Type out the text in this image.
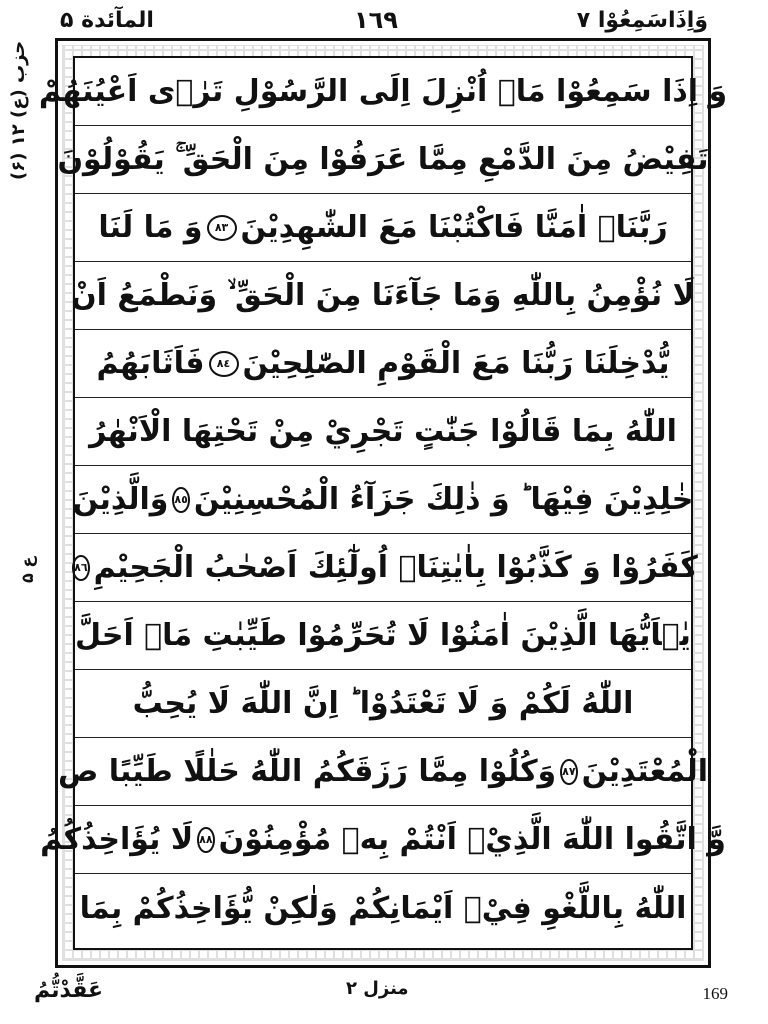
المآئدة ۵	١٦٩	وَاِذَاسَمِعُوْا ۷
(۶) حزب (ع) ۱۲
ع ۵
وَ اِذَا سَمِعُوْا مَاۤ اُنْزِلَ اِلَى الرَّسُوْلِ تَرٰۤى اَعْيُنَهُمْ
تَفِيْضُ مِنَ الدَّمْعِ مِمَّا عَرَفُوْا مِنَ الْحَقِّ ۚ يَقُوْلُوْنَ
رَبَّنَاۤ اٰمَنَّا فَاكْتُبْنَا مَعَ الشّٰهِدِيْنَ
٨٣
وَ مَا لَنَا
لَا نُؤْمِنُ بِاللّٰهِ وَمَا جَآءَنَا مِنَ الْحَقِّ ۙ وَنَطْمَعُ اَنْ
يُّدْخِلَنَا رَبُّنَا مَعَ الْقَوْمِ الصّٰلِحِيْنَ
٨٤
فَاَثَابَهُمُ
اللّٰهُ بِمَا قَالُوْا جَنّٰتٍ تَجْرِيْ مِنْ تَحْتِهَا الْاَنْهٰرُ
خٰلِدِيْنَ فِيْهَا ؕ وَ ذٰلِكَ جَزَآءُ الْمُحْسِنِيْنَ
٨٥
وَالَّذِيْنَ
كَفَرُوْا وَ كَذَّبُوْا بِاٰيٰتِنَاۤ اُولٰٓئِكَ اَصْحٰبُ الْجَحِيْمِ
٨٦
يٰۤاَيُّهَا الَّذِيْنَ اٰمَنُوْا لَا تُحَرِّمُوْا طَيِّبٰتِ مَاۤ اَحَلَّ
اللّٰهُ لَكُمْ وَ لَا تَعْتَدُوْا ؕ اِنَّ اللّٰهَ لَا يُحِبُّ
الْمُعْتَدِيْنَ
٨٧
وَكُلُوْا مِمَّا رَزَقَكُمُ اللّٰهُ حَلٰلًا طَيِّبًا ص
وَّ اتَّقُوا اللّٰهَ الَّذِيْۤ اَنْتُمْ بِهٖ مُؤْمِنُوْنَ
٨٨
لَا يُؤَاخِذُكُمُ
اللّٰهُ بِاللَّغْوِ فِيْۤ اَيْمَانِكُمْ وَلٰكِنْ يُّؤَاخِذُكُمْ بِمَا
عَقَّدْتُّمُ	منزل ۲	169
